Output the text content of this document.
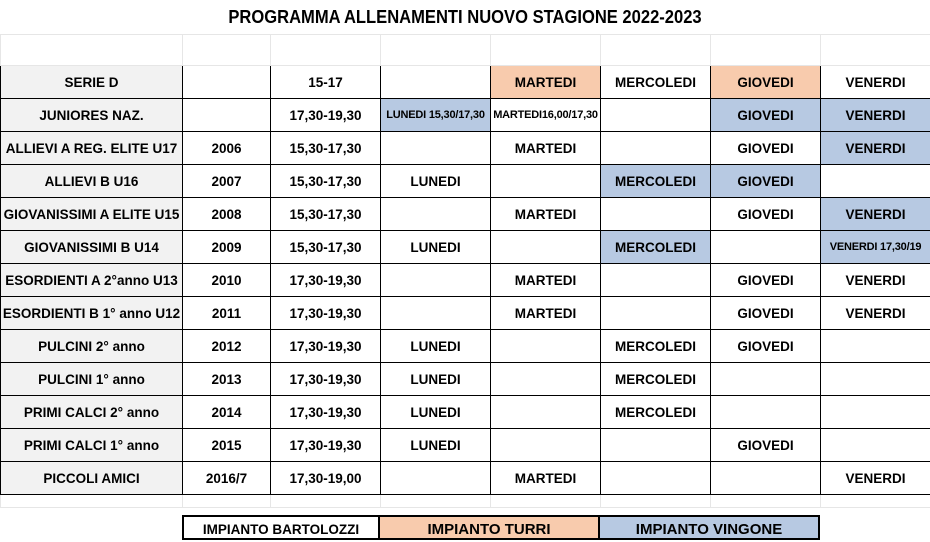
PROGRAMMA ALLENAMENTI NUOVO STAGIONE 2022-2023

SERIE D		15-17		MARTEDI	MERCOLEDI	GIOVEDI	VENERDI
JUNIORES NAZ.		17,30-19,30	LUNEDI 15,30/17,30	MARTEDI16,00/17,30		GIOVEDI	VENERDI
ALLIEVI A REG. ELITE U17	2006	15,30-17,30		MARTEDI		GIOVEDI	VENERDI
ALLIEVI B U16	2007	15,30-17,30	LUNEDI		MERCOLEDI	GIOVEDI	
GIOVANISSIMI A ELITE U15	2008	15,30-17,30		MARTEDI		GIOVEDI	VENERDI
GIOVANISSIMI B U14	2009	15,30-17,30	LUNEDI		MERCOLEDI		VENERDI 17,30/19
ESORDIENTI A 2°anno U13	2010	17,30-19,30		MARTEDI		GIOVEDI	VENERDI
ESORDIENTI B 1° anno U12	2011	17,30-19,30		MARTEDI		GIOVEDI	VENERDI
PULCINI 2° anno	2012	17,30-19,30	LUNEDI		MERCOLEDI	GIOVEDI	
PULCINI 1° anno	2013	17,30-19,30	LUNEDI		MERCOLEDI		
PRIMI CALCI 2° anno	2014	17,30-19,30	LUNEDI		MERCOLEDI		
PRIMI CALCI 1° anno	2015	17,30-19,30	LUNEDI			GIOVEDI	
PICCOLI AMICI	2016/7	17,30-19,00		MARTEDI			VENERDI

IMPIANTO BARTOLOZZI	IMPIANTO TURRI	IMPIANTO VINGONE
